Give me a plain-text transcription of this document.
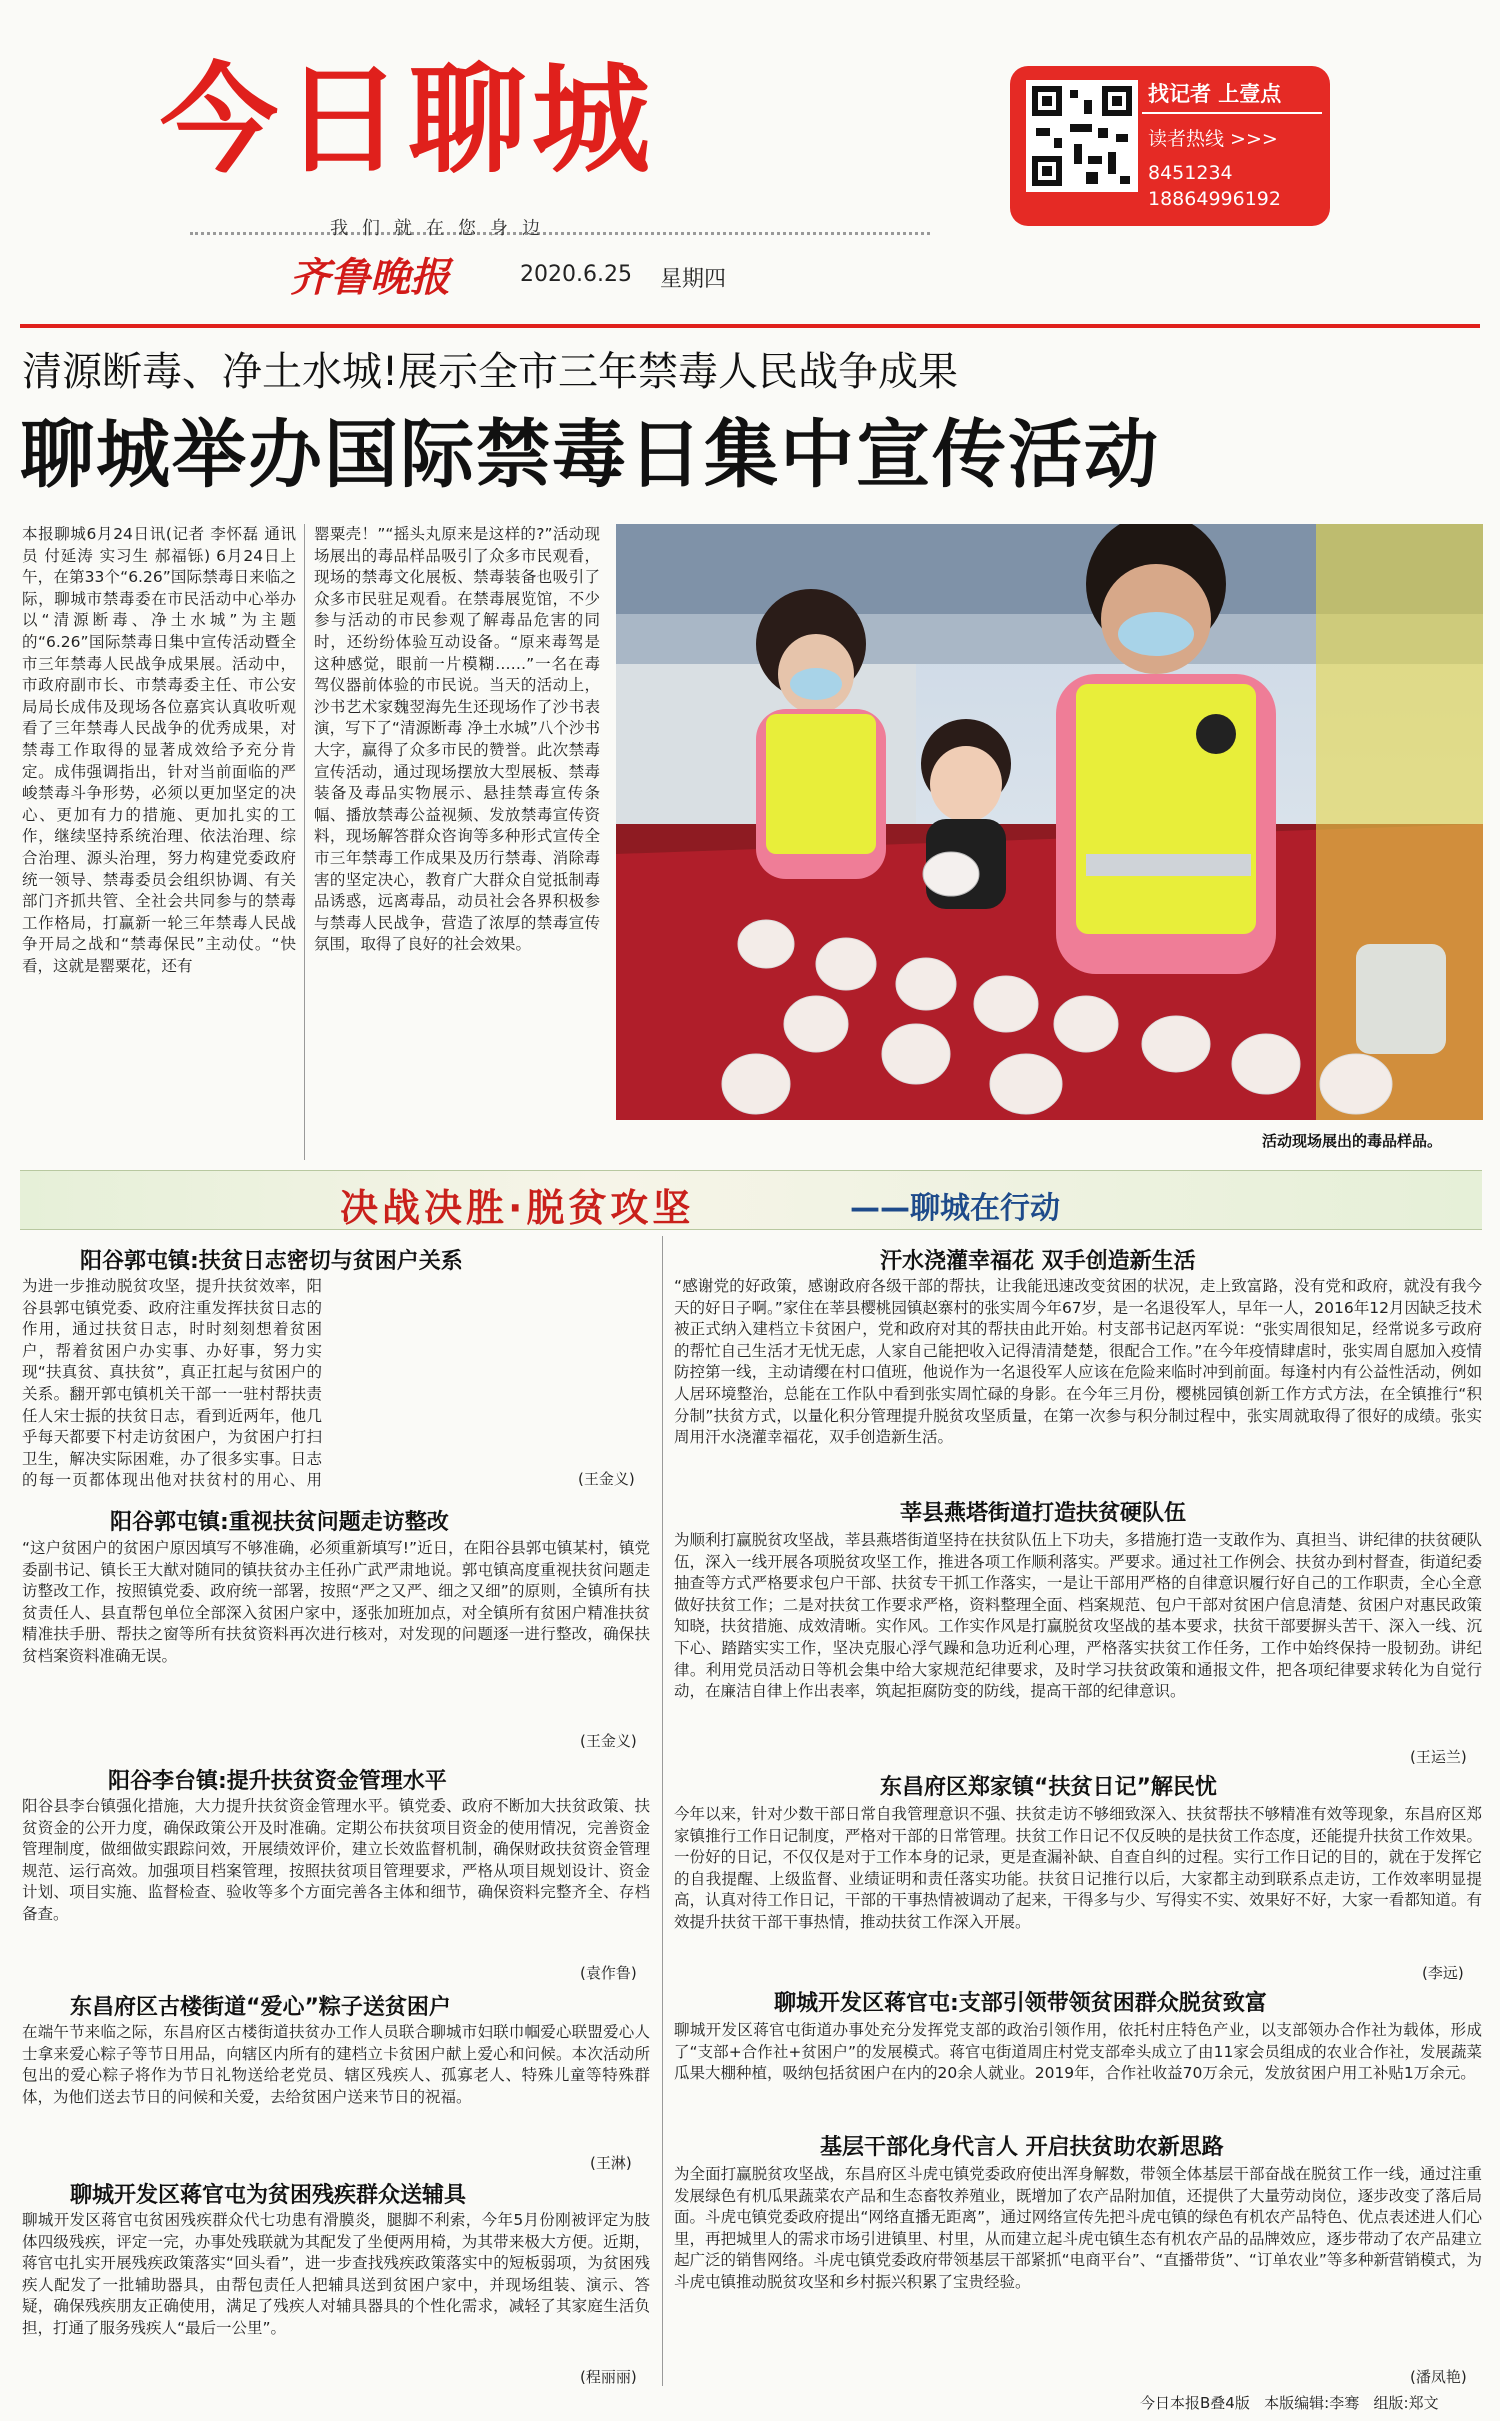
今日聊城
我们就在您身边
齐鲁晚报	2020.6.25 星期四
找记者 上壹点
读者热线 >>>
8451234
18864996192
清源断毒、净土水城!展示全市三年禁毒人民战争成果
聊城举办国际禁毒日集中宣传活动
本报聊城6月24日讯(记者 李怀磊 通讯员 付延涛 实习生 郝福铄) 6月24日上午，在第33个“6.26”国际禁毒日来临之际，聊城市禁毒委在市民活动中心举办以“清源断毒、净土水城”为主题的“6.26”国际禁毒日集中宣传活动暨全市三年禁毒人民战争成果展。活动中，市政府副市长、市禁毒委主任、市公安局局长成伟及现场各位嘉宾认真收听观看了三年禁毒人民战争的优秀成果，对禁毒工作取得的显著成效给予充分肯定。成伟强调指出，针对当前面临的严峻禁毒斗争形势，必须以更加坚定的决心、更加有力的措施、更加扎实的工作，继续坚持系统治理、依法治理、综合治理、源头治理，努力构建党委政府统一领导、禁毒委员会组织协调、有关部门齐抓共管、全社会共同参与的禁毒工作格局，打赢新一轮三年禁毒人民战争开局之战和“禁毒保民”主动仗。“快看，这就是罂粟花，还有
罂粟壳！”“摇头丸原来是这样的?”活动现场展出的毒品样品吸引了众多市民观看，现场的禁毒文化展板、禁毒装备也吸引了众多市民驻足观看。在禁毒展览馆，不少参与活动的市民参观了解毒品危害的同时，还纷纷体验互动设备。“原来毒驾是这种感觉，眼前一片模糊……”一名在毒驾仪器前体验的市民说。当天的活动上，沙书艺术家魏翌海先生还现场作了沙书表演，写下了“清源断毒 净土水城”八个沙书大字，赢得了众多市民的赞誉。此次禁毒宣传活动，通过现场摆放大型展板、禁毒装备及毒品实物展示、悬挂禁毒宣传条幅、播放禁毒公益视频、发放禁毒宣传资料，现场解答群众咨询等多种形式宣传全市三年禁毒工作成果及历行禁毒、消除毒害的坚定决心，教育广大群众自觉抵制毒品诱惑，远离毒品，动员社会各界积极参与禁毒人民战争，营造了浓厚的禁毒宣传氛围，取得了良好的社会效果。
活动现场展出的毒品样品。
决战决胜·脱贫攻坚	——聊城在行动
阳谷郭屯镇:扶贫日志密切与贫困户关系
为进一步推动脱贫攻坚，提升扶贫效率，阳谷县郭屯镇党委、政府注重发挥扶贫日志的作用，通过扶贫日志，时时刻刻想着贫困户，帮着贫困户办实事、办好事，努力实现“扶真贫、真扶贫”，真正扛起与贫困户的关系。翻开郭屯镇机关干部一一驻村帮扶责任人宋士振的扶贫日志，看到近两年，他几乎每天都要下村走访贫困户，为贫困户打扫卫生，解决实际困难，办了很多实事。日志的每一页都体现出他对扶贫村的用心、用	(王金义)
阳谷郭屯镇:重视扶贫问题走访整改
“这户贫困户的贫困户原因填写不够准确，必须重新填写!”近日，在阳谷县郭屯镇某村，镇党委副书记、镇长王大猷对随同的镇扶贫办主任孙广武严肃地说。郭屯镇高度重视扶贫问题走访整改工作，按照镇党委、政府统一部署，按照“严之又严、细之又细”的原则，全镇所有扶贫责任人、县直帮包单位全部深入贫困户家中，逐张加班加点，对全镇所有贫困户精准扶贫精准扶手册、帮扶之窗等所有扶贫资料再次进行核对，对发现的问题逐一进行整改，确保扶贫档案资料准确无误。
(王金义)
阳谷李台镇:提升扶贫资金管理水平
阳谷县李台镇强化措施，大力提升扶贫资金管理水平。镇党委、政府不断加大扶贫政策、扶贫资金的公开力度，确保政策公开及时准确。定期公布扶贫项目资金的使用情况，完善资金管理制度，做细做实跟踪问效，开展绩效评价，建立长效监督机制，确保财政扶贫资金管理规范、运行高效。加强项目档案管理，按照扶贫项目管理要求，严格从项目规划设计、资金计划、项目实施、监督检查、验收等多个方面完善各主体和细节，确保资料完整齐全、存档备查。
(袁作鲁)
东昌府区古楼街道“爱心”粽子送贫困户
在端午节来临之际，东昌府区古楼街道扶贫办工作人员联合聊城市妇联巾帼爱心联盟爱心人士拿来爱心粽子等节日用品，向辖区内所有的建档立卡贫困户献上爱心和问候。本次活动所包出的爱心粽子将作为节日礼物送给老党员、辖区残疾人、孤寡老人、特殊儿童等特殊群体，为他们送去节日的问候和关爱，去给贫困户送来节日的祝福。
(王淋)
聊城开发区蒋官屯为贫困残疾群众送辅具
聊城开发区蒋官屯贫困残疾群众代七功患有滑膜炎，腿脚不利索，今年5月份刚被评定为肢体四级残疾，评定一完，办事处残联就为其配发了坐便两用椅，为其带来极大方便。近期，蒋官屯扎实开展残疾政策落实“回头看”，进一步查找残疾政策落实中的短板弱项，为贫困残疾人配发了一批辅助器具，由帮包责任人把辅具送到贫困户家中，并现场组装、演示、答疑，确保残疾朋友正确使用，满足了残疾人对辅具器具的个性化需求，减轻了其家庭生活负担，打通了服务残疾人“最后一公里”。
(程丽丽)
汗水浇灌幸福花 双手创造新生活
“感谢党的好政策，感谢政府各级干部的帮扶，让我能迅速改变贫困的状况，走上致富路，没有党和政府，就没有我今天的好日子啊。”家住在莘县樱桃园镇赵寨村的张实周今年67岁，是一名退役军人，早年一人，2016年12月因缺乏技术被正式纳入建档立卡贫困户，党和政府对其的帮扶由此开始。村支部书记赵丙军说：“张实周很知足，经常说多亏政府的帮忙自己生活才无忧无虑，人家自己能把收入记得清清楚楚，很配合工作。”在今年疫情肆虐时，张实周自愿加入疫情防控第一线，主动请缨在村口值班，他说作为一名退役军人应该在危险来临时冲到前面。每逢村内有公益性活动，例如人居环境整治，总能在工作队中看到张实周忙碌的身影。在今年三月份，樱桃园镇创新工作方式方法，在全镇推行“积分制”扶贫方式，以量化积分管理提升脱贫攻坚质量，在第一次参与积分制过程中，张实周就取得了很好的成绩。张实周用汗水浇灌幸福花，双手创造新生活。
莘县燕塔街道打造扶贫硬队伍
为顺利打赢脱贫攻坚战，莘县燕塔街道坚持在扶贫队伍上下功夫，多措施打造一支敢作为、真担当、讲纪律的扶贫硬队伍，深入一线开展各项脱贫攻坚工作，推进各项工作顺利落实。严要求。通过社工作例会、扶贫办到村督查，街道纪委抽查等方式严格要求包户干部、扶贫专干抓工作落实，一是让干部用严格的自律意识履行好自己的工作职责，全心全意做好扶贫工作；二是对扶贫工作要求严格，资料整理全面、档案规范、包户干部对贫困户信息清楚、贫困户对惠民政策知晓，扶贫措施、成效清晰。实作风。工作实作风是打赢脱贫攻坚战的基本要求，扶贫干部要摒头苦干、深入一线、沉下心、踏踏实实工作，坚决克服心浮气躁和急功近利心理，严格落实扶贫工作任务，工作中始终保持一股韧劲。讲纪律。利用党员活动日等机会集中给大家规范纪律要求，及时学习扶贫政策和通报文件，把各项纪律要求转化为自觉行动，在廉洁自律上作出表率，筑起拒腐防变的防线，提高干部的纪律意识。
(王运兰)
东昌府区郑家镇“扶贫日记”解民忧
今年以来，针对少数干部日常自我管理意识不强、扶贫走访不够细致深入、扶贫帮扶不够精准有效等现象，东昌府区郑家镇推行工作日记制度，严格对干部的日常管理。扶贫工作日记不仅反映的是扶贫工作态度，还能提升扶贫工作效果。一份好的日记，不仅仅是对于工作本身的记录，更是查漏补缺、自查自纠的过程。实行工作日记的目的，就在于发挥它的自我提醒、上级监督、业绩证明和责任落实功能。扶贫日记推行以后，大家都主动到联系点走访，工作效率明显提高，认真对待工作日记，干部的干事热情被调动了起来，干得多与少、写得实不实、效果好不好，大家一看都知道。有效提升扶贫干部干事热情，推动扶贫工作深入开展。
(李远)
聊城开发区蒋官屯:支部引领带领贫困群众脱贫致富
聊城开发区蒋官屯街道办事处充分发挥党支部的政治引领作用，依托村庄特色产业，以支部领办合作社为载体，形成了“支部+合作社+贫困户”的发展模式。蒋官屯街道周庄村党支部牵头成立了由11家会员组成的农业合作社，发展蔬菜瓜果大棚种植，吸纳包括贫困户在内的20余人就业。2019年，合作社收益70万余元，发放贫困户用工补贴1万余元。
基层干部化身代言人 开启扶贫助农新思路
为全面打赢脱贫攻坚战，东昌府区斗虎屯镇党委政府使出浑身解数，带领全体基层干部奋战在脱贫工作一线，通过注重发展绿色有机瓜果蔬菜农产品和生态畜牧养殖业，既增加了农产品附加值，还提供了大量劳动岗位，逐步改变了落后局面。斗虎屯镇党委政府提出“网络直播无距离”，通过网络宣传先把斗虎屯镇的绿色有机农产品特色、优点表述进人们心里，再把城里人的需求市场引进镇里、村里，从而建立起斗虎屯镇生态有机农产品的品牌效应，逐步带动了农产品建立起广泛的销售网络。斗虎屯镇党委政府带领基层干部紧抓“电商平台”、“直播带货”、“订单农业”等多种新营销模式，为斗虎屯镇推动脱贫攻坚和乡村振兴积累了宝贵经验。
(潘凤艳)
今日本报B叠4版 本版编辑:李骞 组版:郑文
